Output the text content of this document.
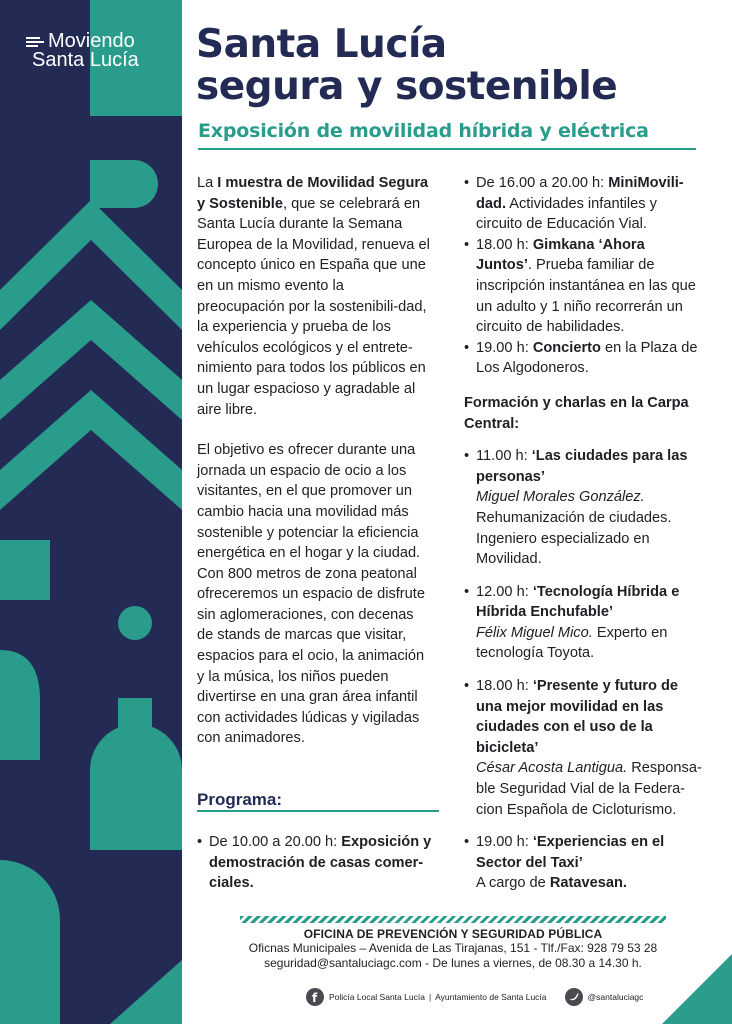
Moviendo
Santa Lucía Santa Lucía
segura y sostenible
Exposición de movilidad híbrida y eléctrica

La I muestra de Movilidad Segura y Sostenible, que se celebrará en Santa Lucía durante la Semana Europea de la Movilidad, renueva el concepto único en España que une en un mismo evento la preocupación por la sostenibili-dad, la experiencia y prueba de los vehículos ecológicos y el entrete-nimiento para todos los públicos en un lugar espacioso y agradable al aire libre.

El objetivo es ofrecer durante una jornada un espacio de ocio a los visitantes, en el que promover un cambio hacia una movilidad más sostenible y potenciar la eficiencia energética en el hogar y la ciudad. Con 800 metros de zona peatonal ofreceremos un espacio de disfrute sin aglomeraciones, con decenas de stands de marcas que visitar, espacios para el ocio, la animación y la música, los niños pueden divertirse en una gran área infantil con actividades lúdicas y vigiladas con animadores.

Programa:
• De 10.00 a 20.00 h: Exposición y demostración de casas comer-ciales.
• De 16.00 a 20.00 h: MiniMovili-dad. Actividades infantiles y circuito de Educación Vial.
• 18.00 h: Gimkana ‘Ahora Juntos’. Prueba familiar de inscripción instantánea en las que un adulto y 1 niño recorrerán un circuito de habilidades.
• 19.00 h: Concierto en la Plaza de Los Algodoneros.
Formación y charlas en la Carpa Central:
• 11.00 h: ‘Las ciudades para las personas’
Miguel Morales González. Rehumanización de ciudades. Ingeniero especializado en Movilidad.
• 12.00 h: ‘Tecnología Híbrida e Híbrida Enchufable’
Félix Miguel Mico. Experto en tecnología Toyota.
• 18.00 h: ‘Presente y futuro de una mejor movilidad en las ciudades con el uso de la bicicleta’
César Acosta Lantigua. Responsa-ble Seguridad Vial de la Federa-cion Española de Cicloturismo.
• 19.00 h: ‘Experiencias en el Sector del Taxi’
A cargo de Ratavesan.
OFICINA DE PREVENCIÓN Y SEGURIDAD PÚBLICA
Oficnas Municipales – Avenida de Las Tirajanas, 151 - Tlf./Fax: 928 79 53 28
seguridad@santaluciagc.com - De lunes a viernes, de 08.30 a 14.30 h.
f Policía Local Santa Lucía | Ayuntamiento de Santa Lucía	@santaluciagc
